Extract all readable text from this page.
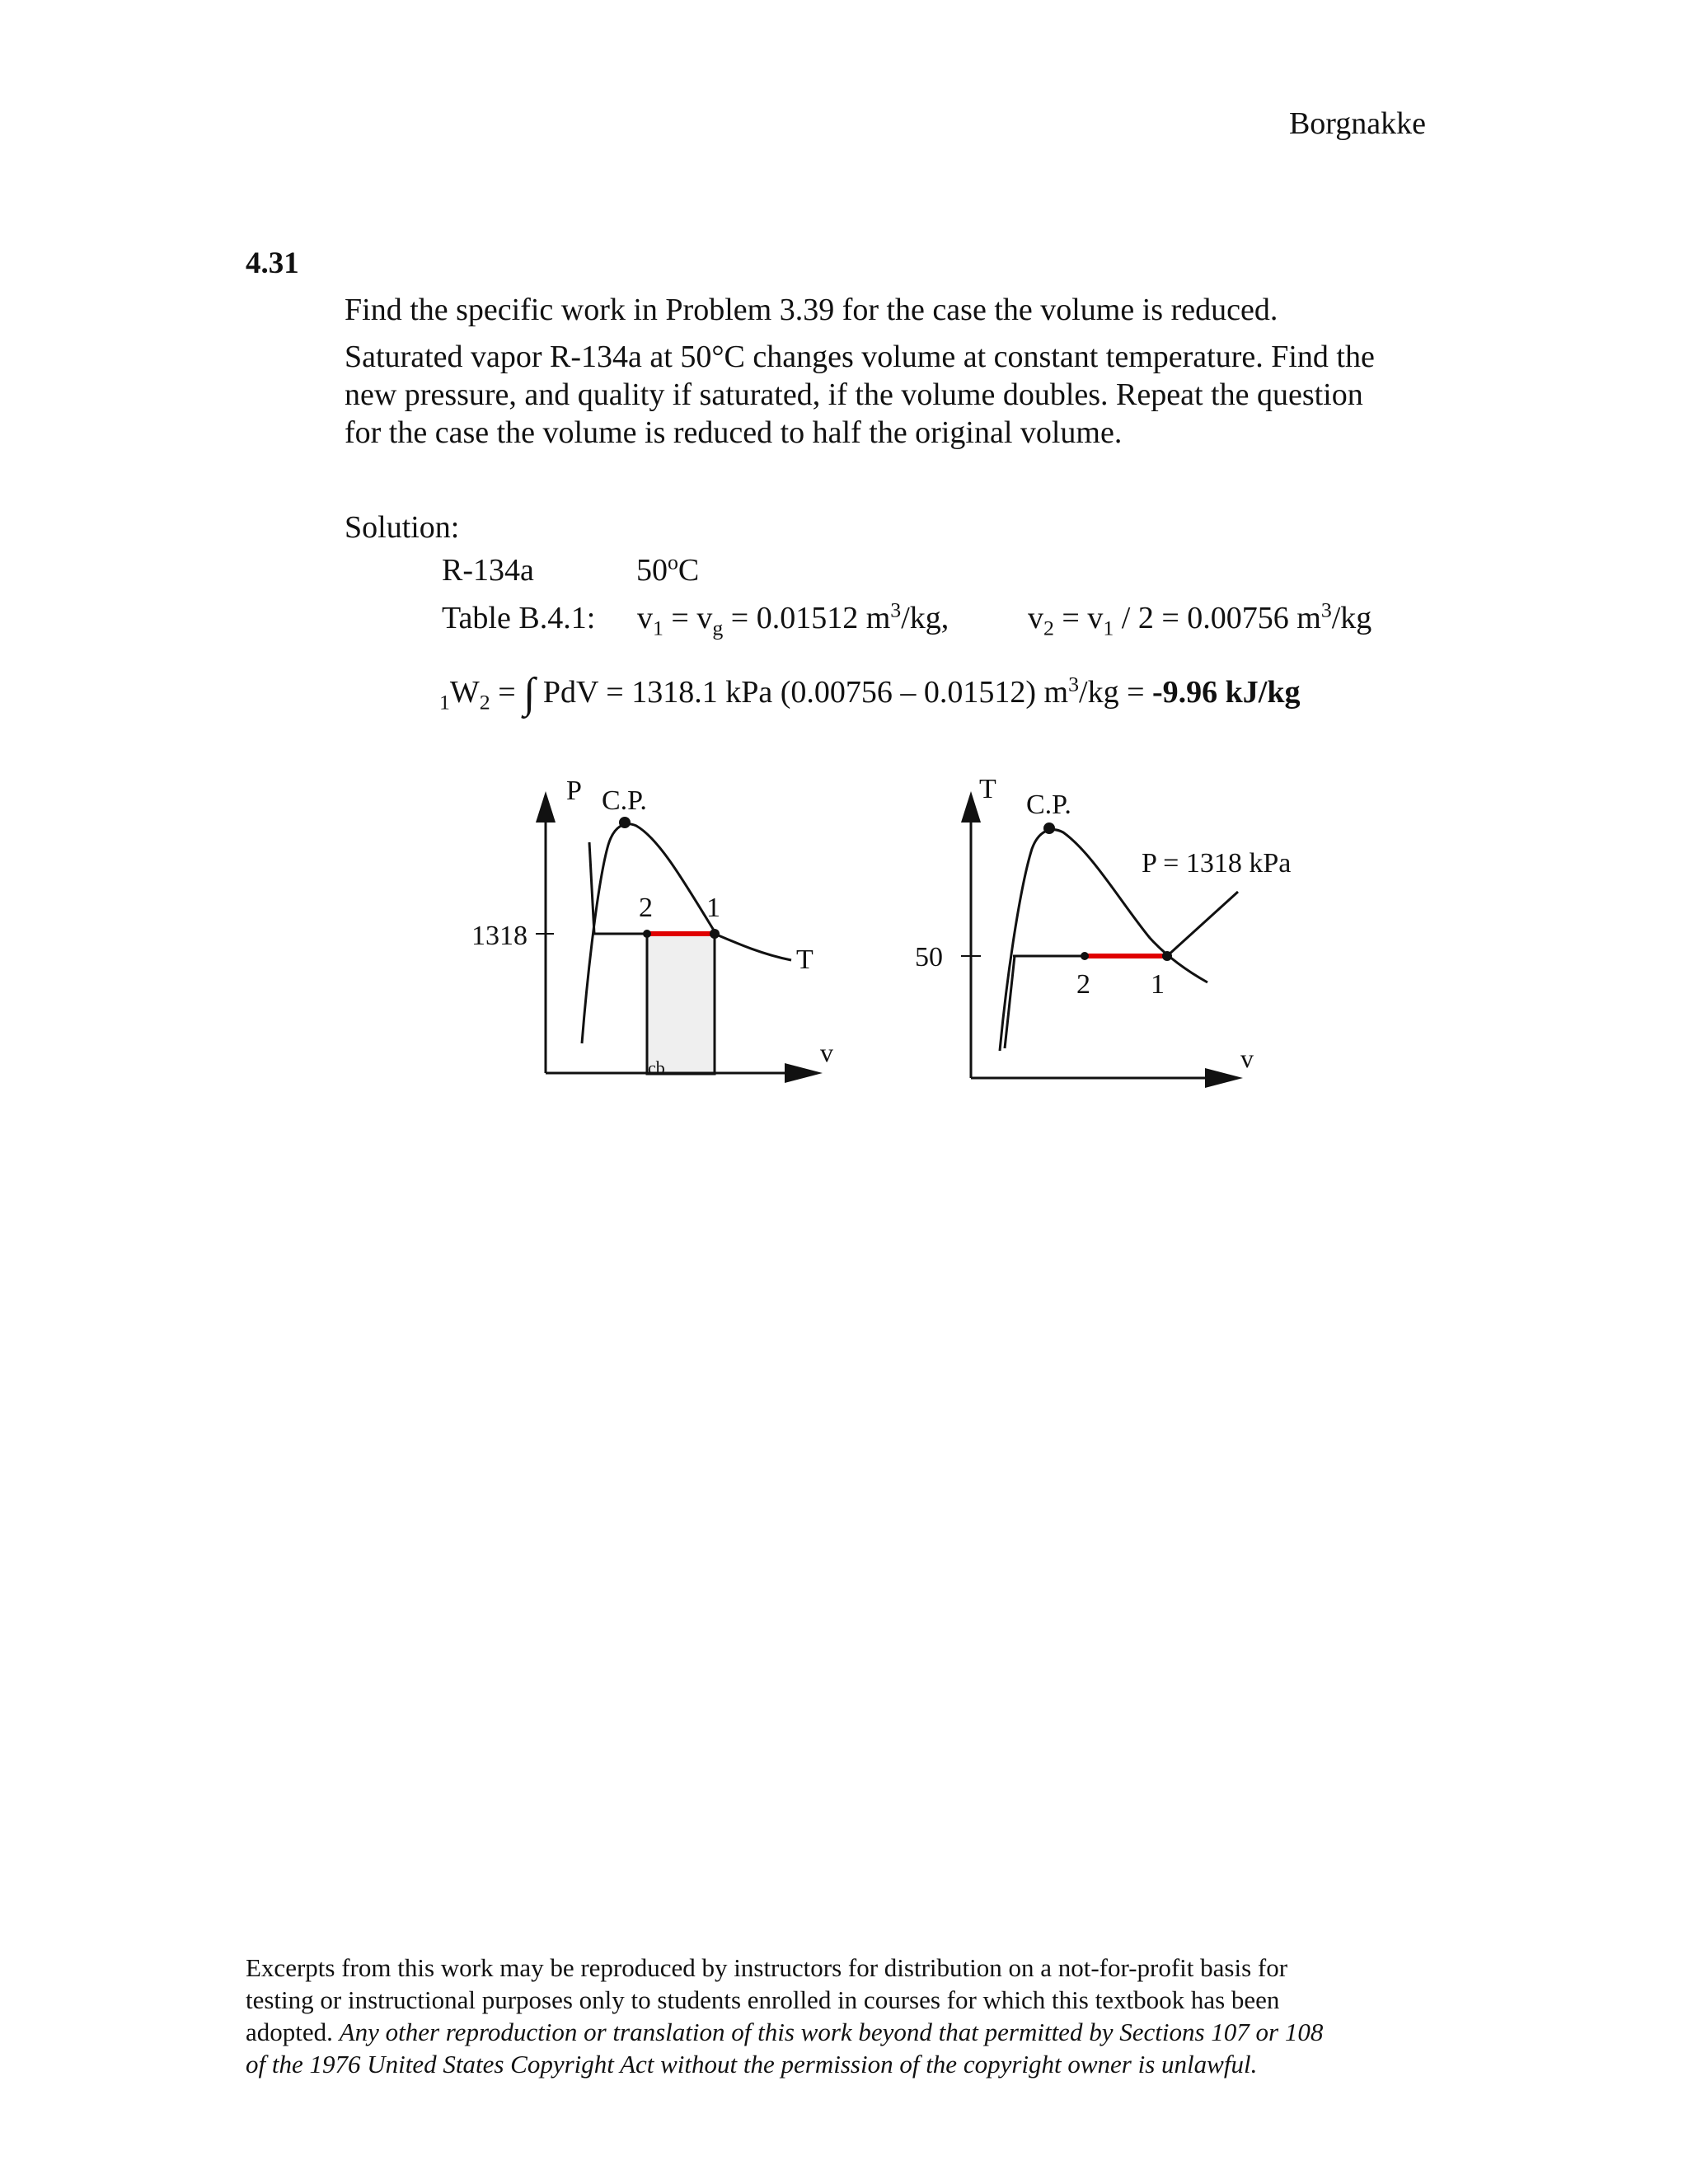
Borgnakke
4.31
Find the specific work in Problem 3.39 for the case the volume is reduced.
Saturated vapor R-134a at 50°C changes volume at constant temperature. Find the
new pressure, and quality if saturated, if the volume doubles. Repeat the question
for the case the volume is reduced to half the original volume.
Solution:
R-134a	50$^o$C
Table B.4.1: $v_1 = v_g = 0.01512$ $m^3/kg$,	$v_2 = v_1 / 2 = 0.00756$ $m^3/kg$
$_1W_2$ = ∫ PdV = 1318.1 kPa (0.00756 – 0.01512) $m^3/kg = -9.96$ kJ/kg
P C.P.
1318
2 1
T
v
cb
T
C.P.
P = 1318 kPa
50
2 1
v

Excerpts from this work may be reproduced by instructors for distribution on a not-for-profit basis for

testing or instructional purposes only to students enrolled in courses for which this textbook has been

adopted. Any other reproduction or translation of this work beyond that permitted by Sections 107 or 108

of the 1976 United States Copyright Act without the permission of the copyright owner is unlawful.
